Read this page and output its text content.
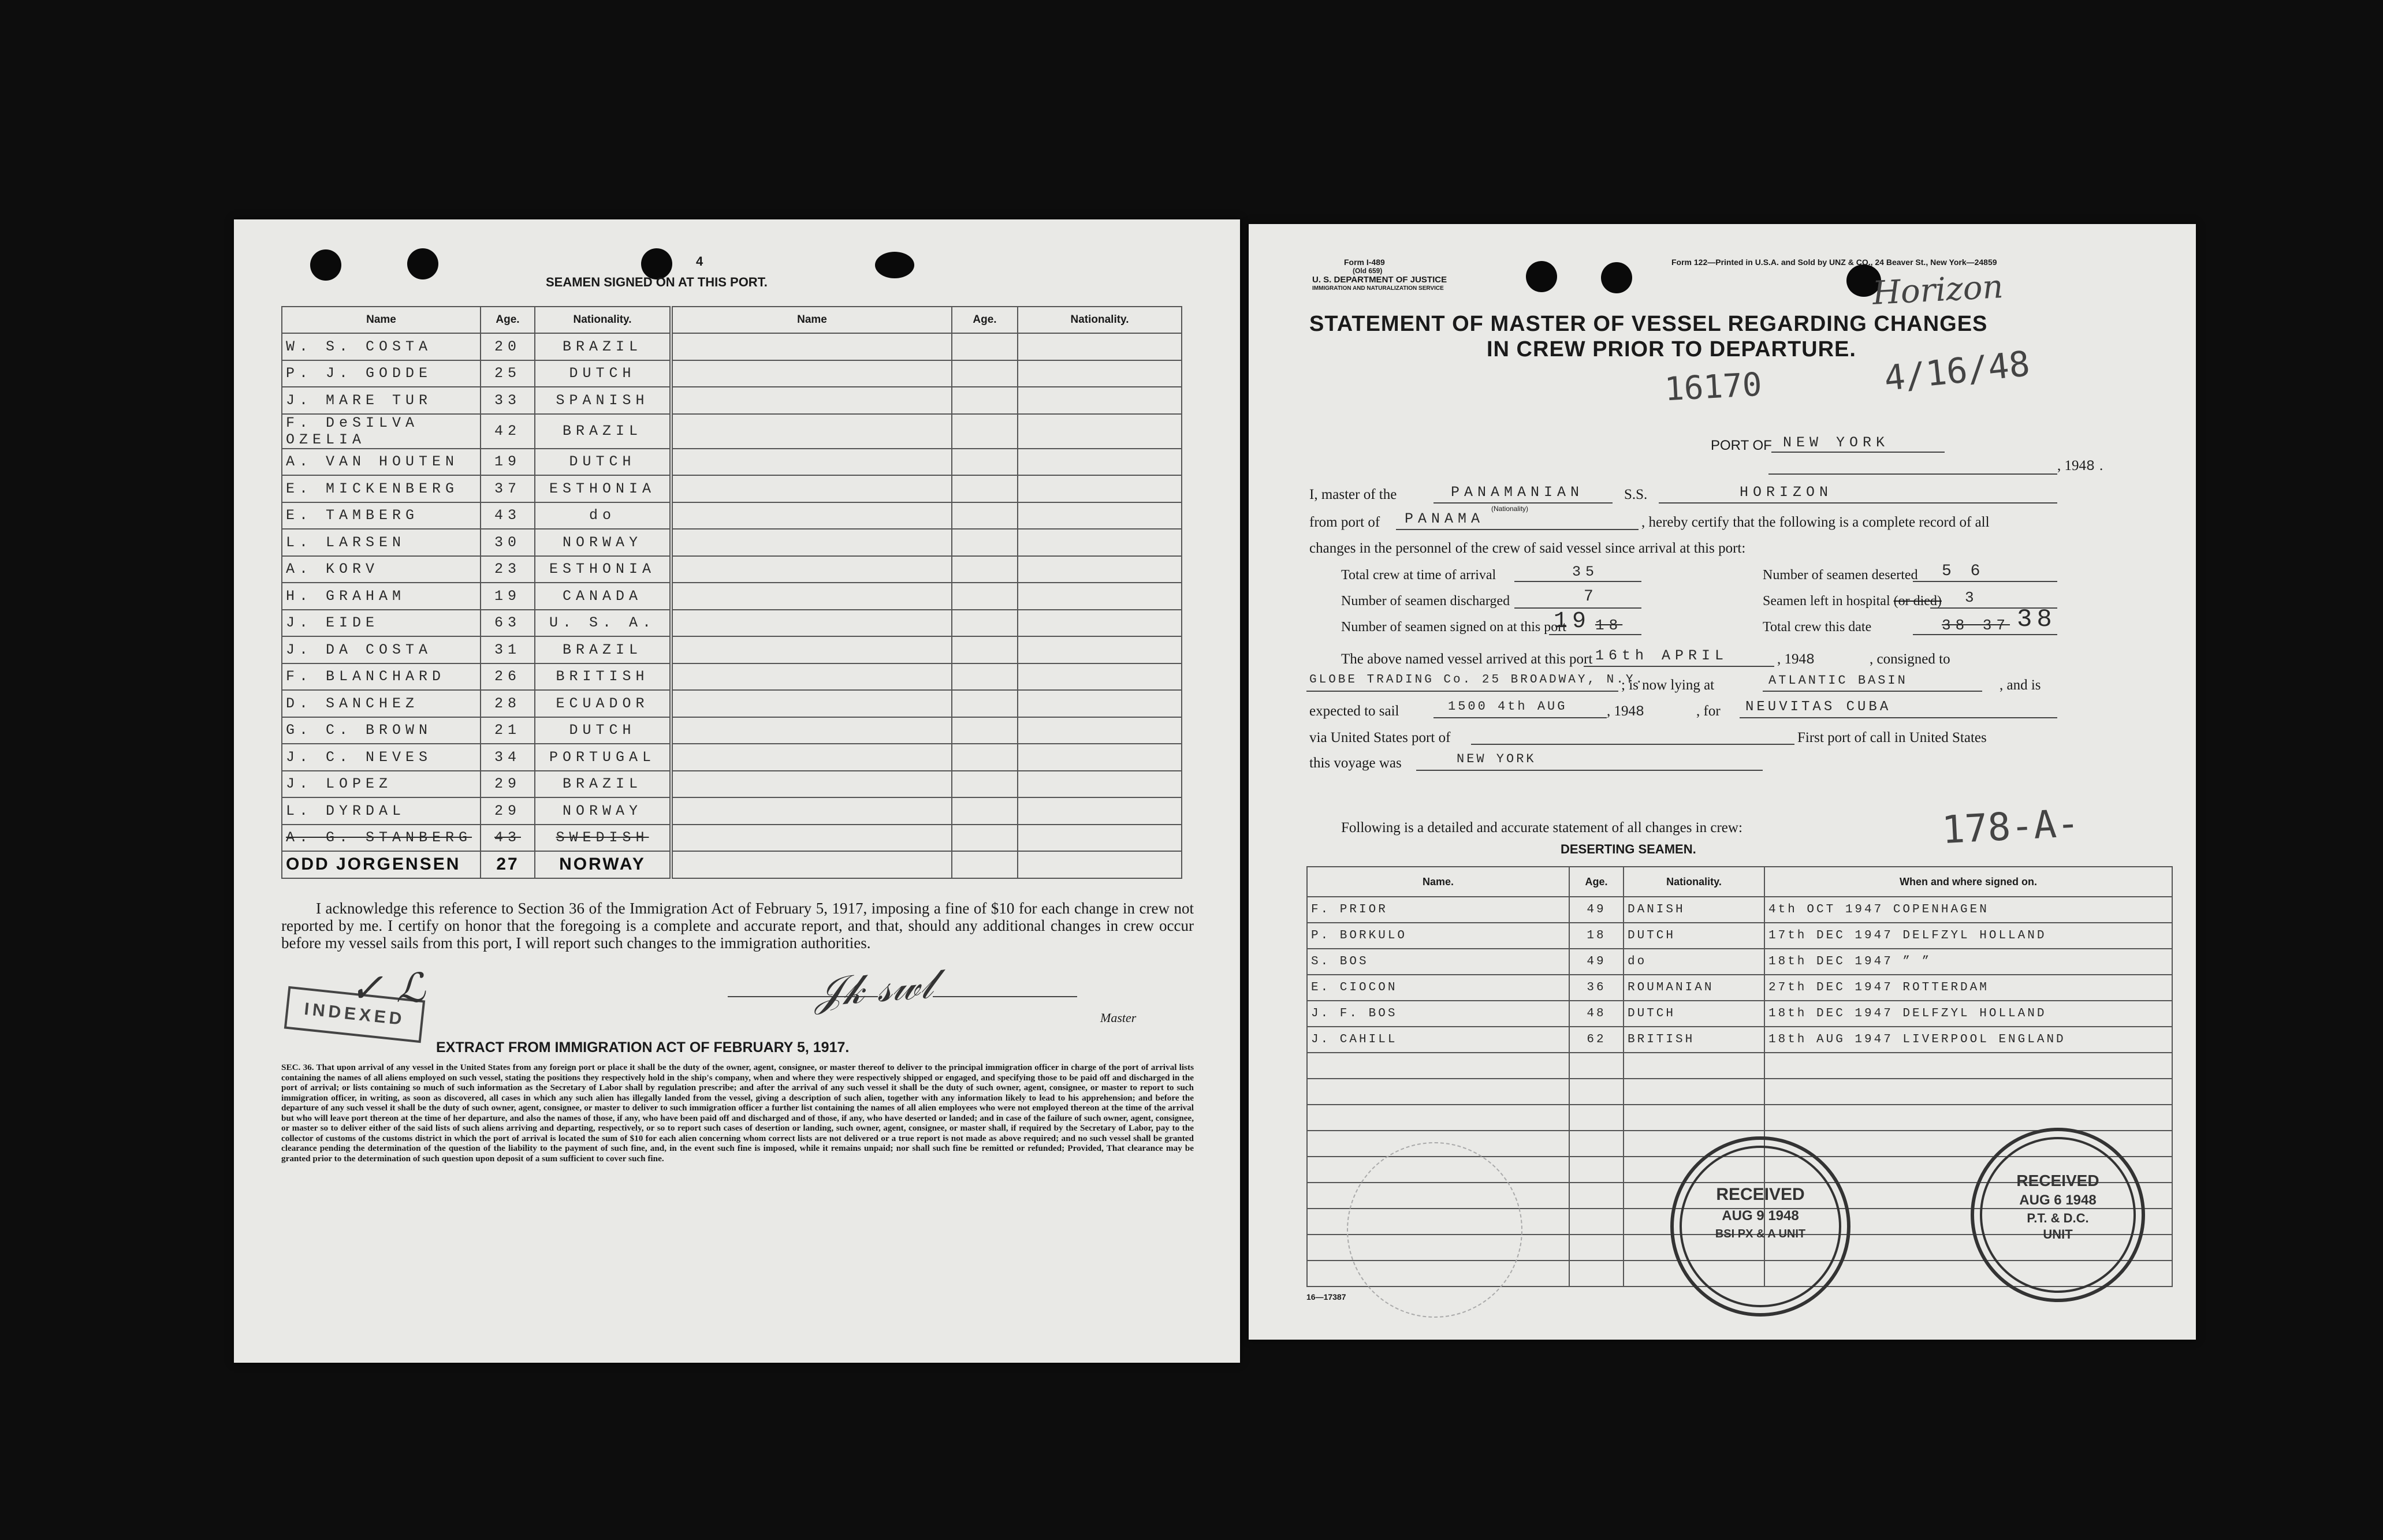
4
SEAMEN SIGNED ON AT THIS PORT.
Name	Age.	Nationality.	Name	Age.	Nationality.
W. S. COSTA	20	BRAZIL			
P. J. GODDE	25	DUTCH			
J. MARE TUR	33	SPANISH			
F. DeSILVA OZELIA	42	BRAZIL			
A. VAN HOUTEN	19	DUTCH			
E. MICKENBERG	37	ESTHONIA			
E. TAMBERG	43	do			
L. LARSEN	30	NORWAY			
A. KORV	23	ESTHONIA			
H. GRAHAM	19	CANADA			
J. EIDE	63	U. S. A.			
J. DA COSTA	31	BRAZIL			
F. BLANCHARD	26	BRITISH			
D. SANCHEZ	28	ECUADOR			
G. C. BROWN	21	DUTCH			
J. C. NEVES	34	PORTUGAL			
J. LOPEZ	29	BRAZIL			
L. DYRDAL	29	NORWAY			
A. G. STANBERG	43	SWEDISH			
ODD JORGENSEN	27	NORWAY			
I acknowledge this reference to Section 36 of the Immigration Act of February 5, 1917, imposing a fine of $10 for each change in crew not reported by me. I certify on honor that the foregoing is a complete and accurate report, and that, should any additional changes in crew occur before my vessel sails from this port, I will report such changes to the immigration authorities.
INDEXED
✓ ℒ	𝒥𝓀 𝓈𝓌𝓁
Master
EXTRACT FROM IMMIGRATION ACT OF FEBRUARY 5, 1917.
SEC. 36. That upon arrival of any vessel in the United States from any foreign port or place it shall be the duty of the owner, agent, consignee, or master thereof to deliver to the principal immigration officer in charge of the port of arrival lists containing the names of all aliens employed on such vessel, stating the positions they respectively hold in the ship's company, when and where they were respectively shipped or engaged, and specifying those to be paid off and discharged in the port of arrival; or lists containing so much of such information as the Secretary of Labor shall by regulation prescribe; and after the arrival of any such vessel it shall be the duty of such owner, agent, consignee, or master to report to such immigration officer, in writing, as soon as discovered, all cases in which any such alien has illegally landed from the vessel, giving a description of such alien, together with any information likely to lead to his apprehension; and before the departure of any such vessel it shall be the duty of such owner, agent, consignee, or master to deliver to such immigration officer a further list containing the names of all alien employees who were not employed thereon at the time of the arrival but who will leave port thereon at the time of her departure, and also the names of those, if any, who have been paid off and discharged and of those, if any, who have deserted or landed; and in case of the failure of such owner, agent, consignee, or master so to deliver either of the said lists of such aliens arriving and departing, respectively, or so to report such cases of desertion or landing, such owner, agent, consignee, or master shall, if required by the Secretary of Labor, pay to the collector of customs of the customs district in which the port of arrival is located the sum of $10 for each alien concerning whom correct lists are not delivered or a true report is not made as above required; and no such vessel shall be granted clearance pending the determination of the question of the liability to the payment of such fine, and, in the event such fine is imposed, while it remains unpaid; nor shall such fine be remitted or refunded; Provided, That clearance may be granted prior to the determination of such question upon deposit of a sum sufficient to cover such fine.
Form I-489
(Old 659)
U. S. DEPARTMENT OF JUSTICE
IMMIGRATION AND NATURALIZATION SERVICE
Form 122—Printed in U.S.A. and Sold by UNZ & CO., 24 Beaver St., New York—24859
Horizon
STATEMENT OF MASTER OF VESSEL REGARDING CHANGES
IN CREW PRIOR TO DEPARTURE.
16170	4/16/48
PORT OF NEW YORK
, 1948.
I, master of the	PANAMANIAN
(Nationality)
S.S.	HORIZON
from port of PANAMA	, hereby certify that the following is a complete record of all
changes in the personnel of the crew of said vessel since arrival at this port:
Total crew at time of arrival	35	Number of seamen deserted 5 6
Number of seamen discharged	7	Seamen left in hospital (or died) 3
Number of seamen signed on at this port
19 18	Total crew this date	38 37 38
The above named vessel arrived at this port 16th APRIL	, 1948	, consigned to
GLOBE TRADING Co. 25 BROADWAY, N.Y.
; is now lying at	ATLANTIC BASIN	, and is
expected to sail	1500 4th AUG	, 1948	, for NEUVITAS CUBA
via United States port of	First port of call in United States
this voyage was	NEW YORK
Following is a detailed and accurate statement of all changes in crew:	178-A-
DESERTING SEAMEN.
Name.	Age.	Nationality.	When and where signed on.
F. PRIOR	49	DANISH	4th OCT 1947 COPENHAGEN
P. BORKULO	18	DUTCH	17th DEC 1947 DELFZYL HOLLAND
S. BOS	49	do	18th DEC 1947 ” ”
E. CIOCON	36	ROUMANIAN	27th DEC 1947 ROTTERDAM
J. F. BOS	48	DUTCH	18th DEC 1947 DELFZYL HOLLAND
J. CAHILL	62	BRITISH	18th AUG 1947 LIVERPOOL ENGLAND

RECEIVED
AUG 9 1948
BSI PX & A UNIT
RECEIVED
AUG 6 1948
P.T. & D.C.
UNIT
16—17387
